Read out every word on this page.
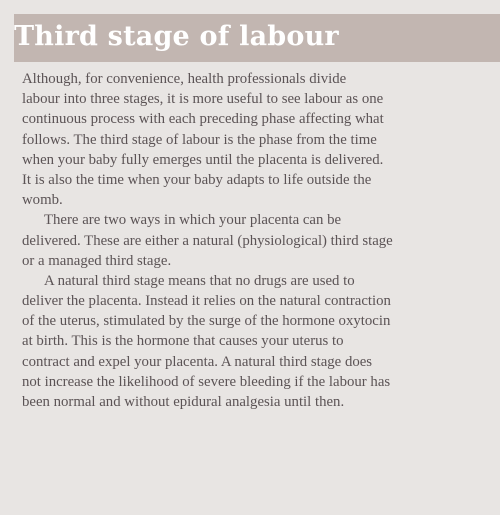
Third stage of labour
Although, for convenience, health professionals divide
labour into three stages, it is more useful to see labour as one
continuous process with each preceding phase affecting what
follows. The third stage of labour is the phase from the time
when your baby fully emerges until the placenta is delivered.
It is also the time when your baby adapts to life outside the
womb.
There are two ways in which your placenta can be
delivered. These are either a natural (physiological) third stage
or a managed third stage.
A natural third stage means that no drugs are used to
deliver the placenta. Instead it relies on the natural contraction
of the uterus, stimulated by the surge of the hormone oxytocin
at birth. This is the hormone that causes your uterus to
contract and expel your placenta. A natural third stage does
not increase the likelihood of severe bleeding if the labour has
been normal and without epidural analgesia until then.
